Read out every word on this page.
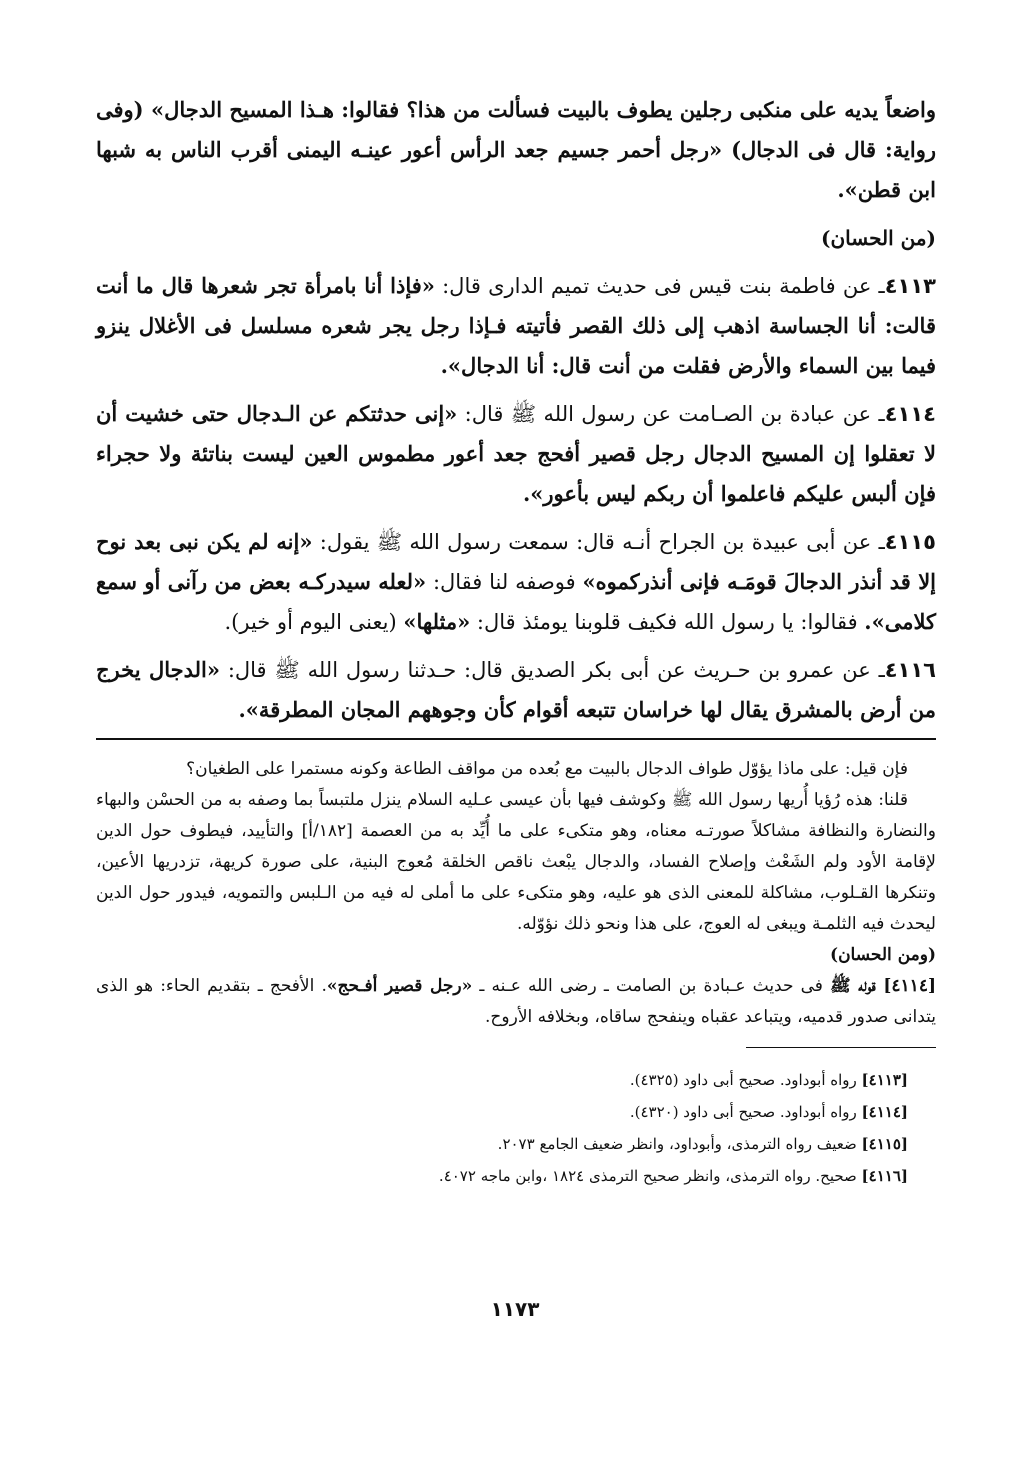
واضعاً يديه على منكبى رجلين يطوف بالبيت فسألت من هذا؟ فقالوا: هـذا المسيح الدجال» (وفى رواية: قال فى الدجال) «رجل أحمر جسيم جعد الرأس أعور عينـه اليمنى أقرب الناس به شبها ابن قطن».

(من الحسان)

٤١١٣ـ عن فاطمة بنت قيس فى حديث تميم الدارى قال: «فإذا أنا بامرأة تجر شعرها قال ما أنت قالت: أنا الجساسة اذهب إلى ذلك القصر فأتيته فـإذا رجل يجر شعره مسلسل فى الأغلال ينزو فيما بين السماء والأرض فقلت من أنت قال: أنا الدجال».

٤١١٤ـ عن عبادة بن الصـامت عن رسول الله ﷺ قال: «إنى حدثتكم عن الـدجال حتى خشيت أن لا تعقلوا إن المسيح الدجال رجل قصير أفحج جعد أعور مطموس العين ليست بناتئة ولا حجراء فإن ألبس عليكم فاعلموا أن ربكم ليس بأعور».

٤١١٥ـ عن أبى عبيدة بن الجراح أنـه قال: سمعت رسول الله ﷺ يقول: «إنه لم يكن نبى بعد نوح إلا قد أنذر الدجالَ قومَـه فإنى أنذركموه» فوصفه لنا فقال: «لعله سيدركـه بعض من رآنى أو سمع كلامى». فقالوا: يا رسول الله فكيف قلوبنا يومئذ قال: «مثلها» (يعنى اليوم أو خير).

٤١١٦ـ عن عمرو بن حـريث عن أبى بكر الصديق قال: حـدثنا رسول الله ﷺ قال: «الدجال يخرج من أرض بالمشرق يقال لها خراسان تتبعه أقوام كأن وجوههم المجان المطرقة».

فإن قيل: على ماذا يؤوّل طواف الدجال بالبيت مع بُعده من مواقف الطاعة وكونه مستمرا على الطغيان؟

قلنا: هذه رُؤيا أُريها رسول الله ﷺ وكوشف فيها بأن عيسى عـليه السلام ينزل ملتبساً بما وصفه به من الحسْن والبهاء والنضارة والنظافة مشاكلاً صورتـه معناه، وهو متكىء على ما أُيِّد به من العصمة [١٨٢/أ] والتأييد، فيطوف حول الدين لإقامة الأود ولم الشَعْث وإصلاح الفساد، والدجال يبْعث ناقص الخلقة مُعوج البنية، على صورة كريهة، تزدريها الأعين، وتنكرها القـلوب، مشاكلة للمعنى الذى هو عليه، وهو متكىء على ما أملى له فيه من الـلبس والتمويه، فيدور حول الدين ليحدث فيه الثلمـة ويبغى له العوج، على هذا ونحو ذلك نؤوّله.

(ومن الحسان)

[٤١١٤] قوله ﷺ فى حديث عـبادة بن الصامت ـ رضى الله عـنه ـ «رجل قصير أفـحج». الأفحج ـ بتقديم الحاء: هو الذى يتدانى صدور قدميه، ويتباعد عقباه وينفحج ساقاه، وبخلافه الأروح.

[٤١١٣] رواه أبوداود. صحيح أبى داود (٤٣٢٥).

[٤١١٤] رواه أبوداود. صحيح أبى داود (٤٣٢٠).

[٤١١٥] ضعيف رواه الترمذى، وأبوداود، وانظر ضعيف الجامع ٢٠٧٣.

[٤١١٦] صحيح. رواه الترمذى، وانظر صحيح الترمذى ١٨٢٤ ،وابن ماجه ٤٠٧٢.

١١٧٣
